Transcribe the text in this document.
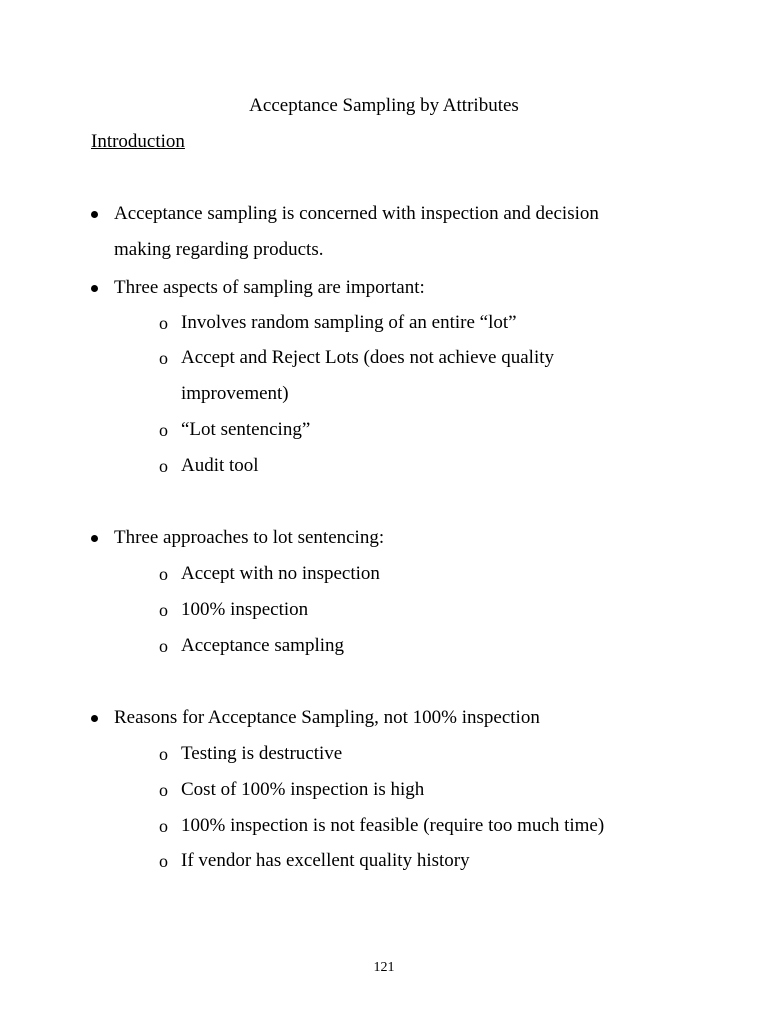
Acceptance Sampling by Attributes
Introduction
Acceptance sampling is concerned with inspection and decision
making regarding products.
Three aspects of sampling are important:
o Involves random sampling of an entire “lot”
o Accept and Reject Lots (does not achieve quality
improvement)
o “Lot sentencing”
o Audit tool
Three approaches to lot sentencing:
o Accept with no inspection
o 100% inspection
o Acceptance sampling
Reasons for Acceptance Sampling, not 100% inspection
o Testing is destructive
o Cost of 100% inspection is high
o 100% inspection is not feasible (require too much time)
o If vendor has excellent quality history
121
